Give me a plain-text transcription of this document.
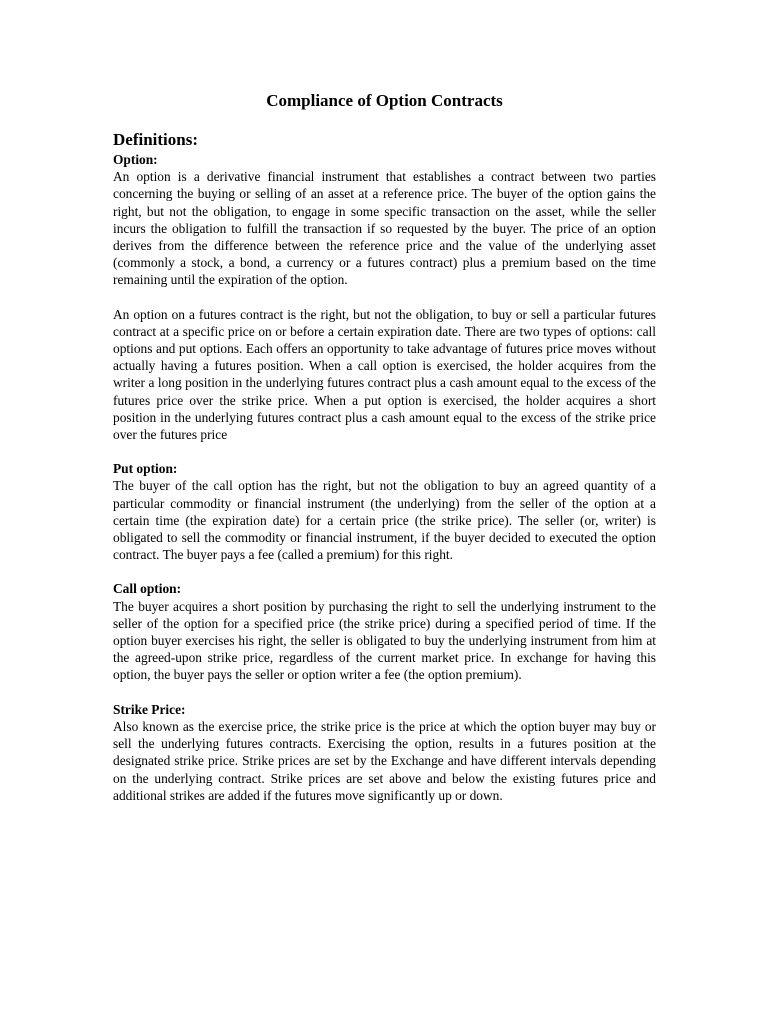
Compliance of Option Contracts
Definitions:
Option:

An option is a derivative financial instrument that establishes a contract between two parties concerning the buying or selling of an asset at a reference price. The buyer of the option gains the right, but not the obligation, to engage in some specific transaction on the asset, while the seller incurs the obligation to fulfill the transaction if so requested by the buyer. The price of an option derives from the difference between the reference price and the value of the underlying asset (commonly a stock, a bond, a currency or a futures contract) plus a premium based on the time remaining until the expiration of the option.

An option on a futures contract is the right, but not the obligation, to buy or sell a particular futures contract at a specific price on or before a certain expiration date. There are two types of options: call options and put options. Each offers an opportunity to take advantage of futures price moves without actually having a futures position. When a call option is exercised, the holder acquires from the writer a long position in the underlying futures contract plus a cash amount equal to the excess of the futures price over the strike price. When a put option is exercised, the holder acquires a short position in the underlying futures contract plus a cash amount equal to the excess of the strike price over the futures price

Put option:

The buyer of the call option has the right, but not the obligation to buy an agreed quantity of a particular commodity or financial instrument (the underlying) from the seller of the option at a certain time (the expiration date) for a certain price (the strike price). The seller (or, writer) is obligated to sell the commodity or financial instrument, if the buyer decided to executed the option contract. The buyer pays a fee (called a premium) for this right.

Call option:

The buyer acquires a short position by purchasing the right to sell the underlying instrument to the seller of the option for a specified price (the strike price) during a specified period of time. If the option buyer exercises his right, the seller is obligated to buy the underlying instrument from him at the agreed-upon strike price, regardless of the current market price. In exchange for having this option, the buyer pays the seller or option writer a fee (the option premium).

Strike Price:

Also known as the exercise price, the strike price is the price at which the option buyer may buy or sell the underlying futures contracts. Exercising the option, results in a futures position at the designated strike price. Strike prices are set by the Exchange and have different intervals depending on the underlying contract. Strike prices are set above and below the existing futures price and additional strikes are added if the futures move significantly up or down.
